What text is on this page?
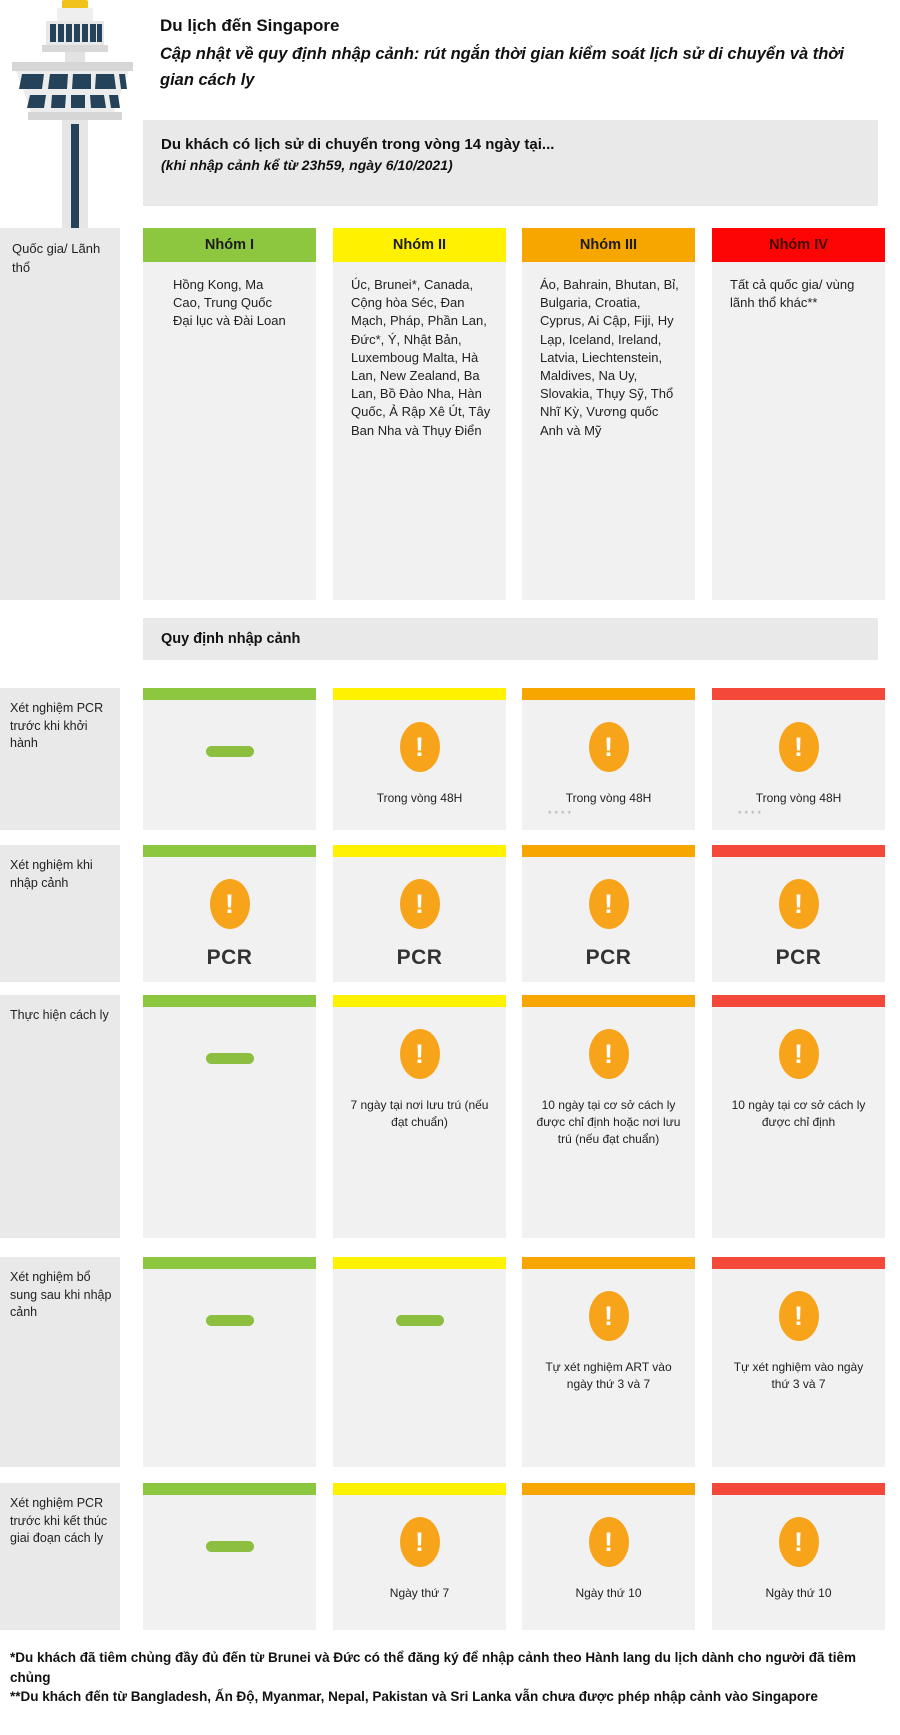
Du lịch đến Singapore
Cập nhật về quy định nhập cảnh: rút ngắn thời gian kiểm soát lịch sử di chuyển và thời gian cách ly
Du khách có lịch sử di chuyển trong vòng 14 ngày tại...
(khi nhập cảnh kể từ 23h59, ngày 6/10/2021)
Quốc gia/ Lãnh thổ
Nhóm I
Hồng Kong, Ma Cao, Trung Quốc Đại lục và Đài Loan
Nhóm II
Úc, Brunei*, Canada, Cộng hòa Séc, Đan Mạch, Pháp, Phần Lan, Đức*, Ý, Nhật Bản, Luxemboug Malta, Hà Lan, New Zealand, Ba Lan, Bồ Đào Nha, Hàn Quốc, Ả Rập Xê Út, Tây Ban Nha và Thụy Điển
Nhóm III
Áo, Bahrain, Bhutan, Bỉ, Bulgaria, Croatia, Cyprus, Ai Cập, Fiji, Hy Lạp, Iceland, Ireland, Latvia, Liechtenstein, Maldives, Na Uy, Slovakia, Thụy Sỹ, Thổ Nhĩ Kỳ, Vương quốc Anh và Mỹ
Nhóm IV
Tất cả quốc gia/ vùng lãnh thổ khác**
Quy định nhập cảnh
Xét nghiệm PCR trước khi khởi hành
Xét nghiệm khi nhập cảnh
Thực hiện cách ly
Xét nghiệm bổ sung sau khi nhập cảnh
Xét nghiệm PCR trước khi kết thúc giai đoạn cách ly
!
Trong vòng 48H
!
Trong vòng 48H
****
!
Trong vòng 48H
****
!
PCR
!
PCR
!
PCR
!
PCR
!
7 ngày tại nơi lưu trú (nếu đạt chuẩn)
!
10 ngày tại cơ sở cách ly được chỉ định hoặc nơi lưu trú (nếu đạt chuẩn)
!
10 ngày tại cơ sở cách ly được chỉ định
!
Tự xét nghiệm ART vào ngày thứ 3 và 7
!
Tự xét nghiệm vào ngày thứ 3 và 7
!
Ngày thứ 7
!
Ngày thứ 10
!
Ngày thứ 10

*Du khách đã tiêm chủng đầy đủ đến từ Brunei và Đức có thể đăng ký để nhập cảnh theo Hành lang du lịch dành cho người đã tiêm chủng

**Du khách đến từ Bangladesh, Ấn Độ, Myanmar, Nepal, Pakistan và Sri Lanka vẫn chưa được phép nhập cảnh vào Singapore
